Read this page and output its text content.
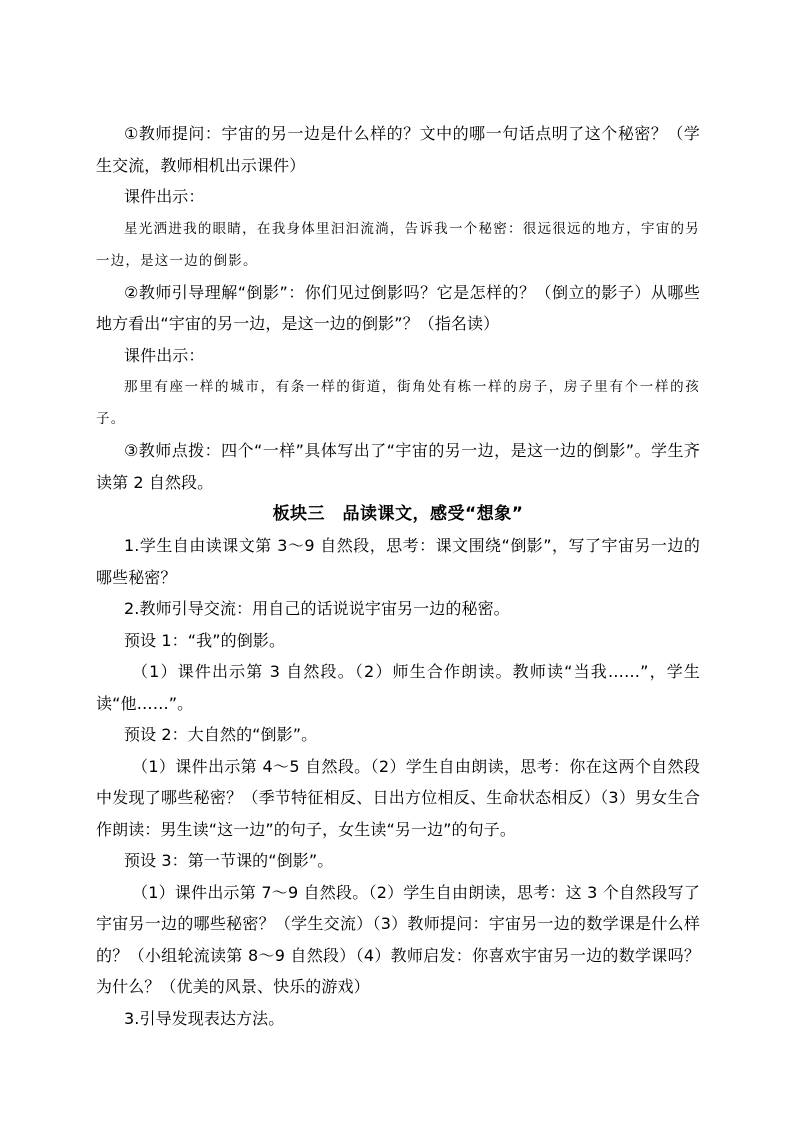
①教师提问：宇宙的另一边是什么样的？文中的哪一句话点明了这个秘密？（学生交流，教师相机出示课件）

课件出示：

星光洒进我的眼睛，在我身体里汩汩流淌，告诉我一个秘密：很远很远的地方，宇宙的另一边，是这一边的倒影。

②教师引导理解“倒影”：你们见过倒影吗？它是怎样的？（倒立的影子）从哪些地方看出“宇宙的另一边，是这一边的倒影”？（指名读）

课件出示：

那里有座一样的城市，有条一样的街道，街角处有栋一样的房子，房子里有个一样的孩子。

③教师点拨：四个“一样”具体写出了“宇宙的另一边，是这一边的倒影”。学生齐读第 2 自然段。

板块三　品读课文，感受“想象”

1.学生自由读课文第 3～9 自然段，思考：课文围绕“倒影”，写了宇宙另一边的哪些秘密？

2.教师引导交流：用自己的话说说宇宙另一边的秘密。

预设 1：“我”的倒影。

（1）课件出示第 3 自然段。（2）师生合作朗读。教师读“当我……”，学生读“他……”。

预设 2：大自然的“倒影”。

（1）课件出示第 4～5 自然段。（2）学生自由朗读，思考：你在这两个自然段中发现了哪些秘密？（季节特征相反、日出方位相反、生命状态相反）（3）男女生合作朗读：男生读“这一边”的句子，女生读“另一边”的句子。

预设 3：第一节课的“倒影”。

（1）课件出示第 7～9 自然段。（2）学生自由朗读，思考：这 3 个自然段写了宇宙另一边的哪些秘密？（学生交流）（3）教师提问：宇宙另一边的数学课是什么样的？（小组轮流读第 8～9 自然段）（4）教师启发：你喜欢宇宙另一边的数学课吗？为什么？（优美的风景、快乐的游戏）

3.引导发现表达方法。
